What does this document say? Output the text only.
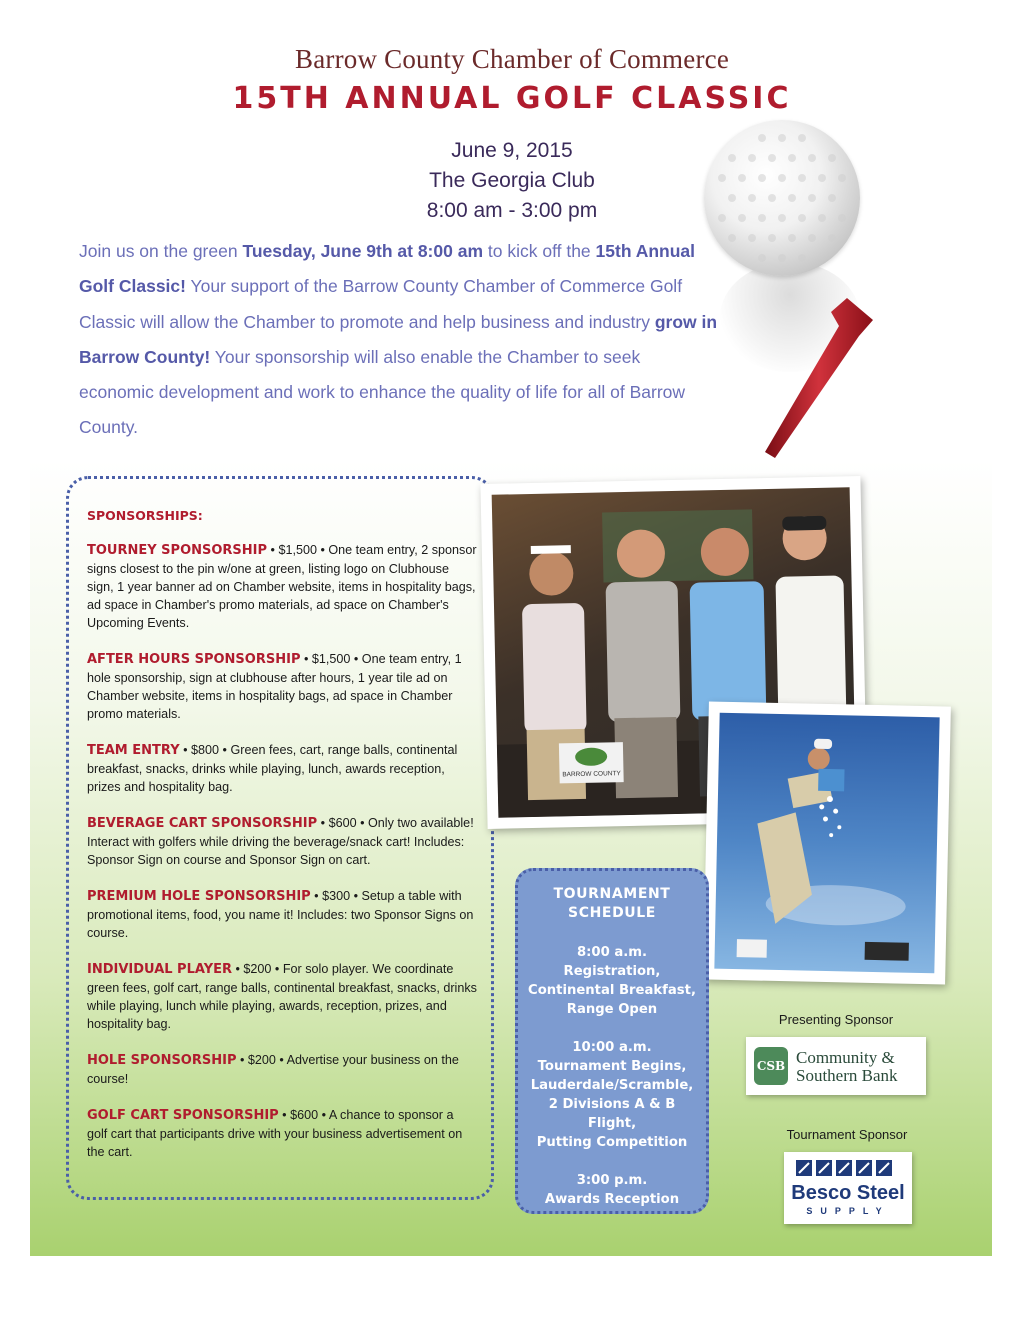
Barrow County Chamber of Commerce
15TH ANNUAL GOLF CLASSIC
June 9, 2015
The Georgia Club
8:00 am - 3:00 pm
Join us on the green Tuesday, June 9th at 8:00 am to kick off the 15th Annual Golf Classic! Your support of the Barrow County Chamber of Commerce Golf Classic will allow the Chamber to promote and help business and industry grow in Barrow County! Your sponsorship will also enable the Chamber to seek economic development and work to enhance the quality of life for all of Barrow County.
SPONSORSHIPS:
TOURNEY SPONSORSHIP • $1,500 • One team entry, 2 sponsor signs closest to the pin w/one at green, listing logo on Clubhouse sign, 1 year banner ad on Chamber website, items in hospitality bags, ad space in Chamber's promo materials, ad space on Chamber's Upcoming Events.
AFTER HOURS SPONSORSHIP • $1,500 • One team entry, 1 hole sponsorship, sign at clubhouse after hours, 1 year tile ad on Chamber website, items in hospitality bags, ad space in Chamber promo materials.
TEAM ENTRY • $800 • Green fees, cart, range balls, continental breakfast, snacks, drinks while playing, lunch, awards reception, prizes and hospitality bag.
BEVERAGE CART SPONSORSHIP • $600 • Only two available! Interact with golfers while driving the beverage/snack cart! Includes: Sponsor Sign on course and Sponsor Sign on cart.
PREMIUM HOLE SPONSORSHIP • $300 • Setup a table with promotional items, food, you name it! Includes: two Sponsor Signs on course.
INDIVIDUAL PLAYER • $200 • For solo player. We coordinate green fees, golf cart, range balls, continental breakfast, snacks, drinks while playing, lunch while playing, awards, reception, prizes, and hospitality bag.
HOLE SPONSORSHIP • $200 • Advertise your business on the course!
GOLF CART SPONSORSHIP • $600 • A chance to sponsor a golf cart that participants drive with your business advertisement on the cart.
BARROW COUNTY
TOURNAMENT
SCHEDULE
8:00 a.m.
Registration,
Continental Breakfast,
Range Open
10:00 a.m.
Tournament Begins,
Lauderdale/Scramble,
2 Divisions A & B Flight,
Putting Competition
3:00 p.m.
Awards Reception
Presenting Sponsor
CSB Community &
Southern Bank
Tournament Sponsor
Besco Steel
SUPPLY
